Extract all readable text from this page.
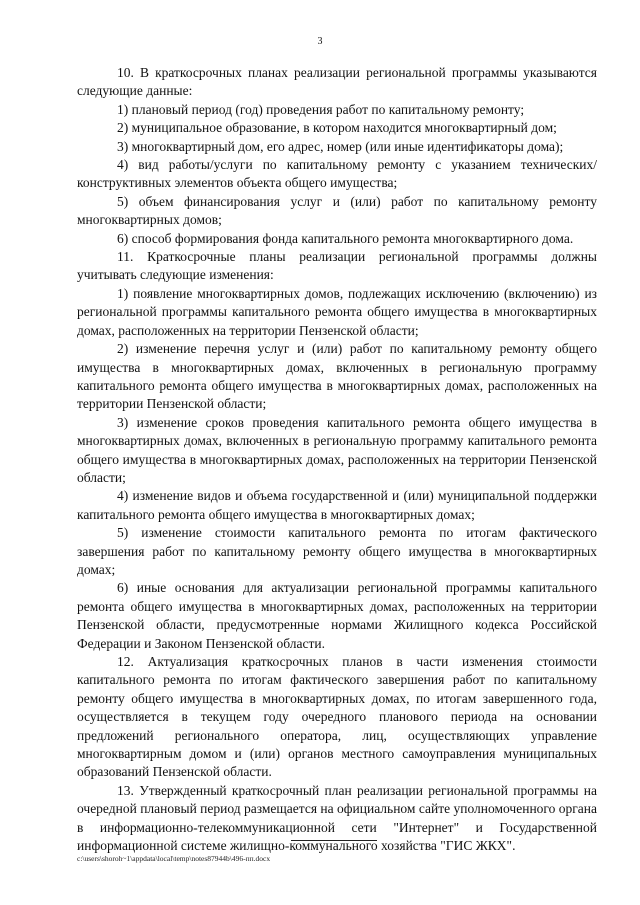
3

10. В краткосрочных планах реализации региональной программы указываются следующие данные:

1) плановый период (год) проведения работ по капитальному ремонту;

2) муниципальное образование, в котором находится многоквартирный дом;

3) многоквартирный дом, его адрес, номер (или иные идентификаторы дома);

4) вид работы/услуги по капитальному ремонту с указанием технических/ конструктивных элементов объекта общего имущества;

5) объем финансирования услуг и (или) работ по капитальному ремонту многоквартирных домов;

6) способ формирования фонда капитального ремонта многоквартирного дома.

11. Краткосрочные планы реализации региональной программы должны учитывать следующие изменения:

1) появление многоквартирных домов, подлежащих исключению (включению) из региональной программы капитального ремонта общего имущества в многоквартирных домах, расположенных на территории Пензенской области;

2) изменение перечня услуг и (или) работ по капитальному ремонту общего имущества в многоквартирных домах, включенных в региональную программу капитального ремонта общего имущества в многоквартирных домах, расположенных на территории Пензенской области;

3) изменение сроков проведения капитального ремонта общего имущества в многоквартирных домах, включенных в региональную программу капитального ремонта общего имущества в многоквартирных домах, расположенных на территории Пензенской области;

4) изменение видов и объема государственной и (или) муниципальной поддержки капитального ремонта общего имущества в многоквартирных домах;

5) изменение стоимости капитального ремонта по итогам фактического завершения работ по капитальному ремонту общего имущества в многоквартирных домах;

6) иные основания для актуализации региональной программы капитального ремонта общего имущества в многоквартирных домах, расположенных на территории Пензенской области, предусмотренные нормами Жилищного кодекса Российской Федерации и Законом Пензенской области.

12. Актуализация краткосрочных планов в части изменения стоимости капитального ремонта по итогам фактического завершения работ по капитальному ремонту общего имущества в многоквартирных домах, по итогам завершенного года, осуществляется в текущем году очередного планового периода на основании предложений регионального оператора, лиц, осуществляющих управление многоквартирным домом и (или) органов местного самоуправления муниципальных образований Пензенской области.

13. Утвержденный краткосрочный план реализации региональной программы на очередной плановый период размещается на официальном сайте уполномоченного органа в информационно-телекоммуникационной сети "Интернет" и Государственной информационной системе жилищно-коммунального хозяйства "ГИС ЖКХ".

c:\users\shoroh~1\appdata\local\temp\notes87944b\496-пп.docx
